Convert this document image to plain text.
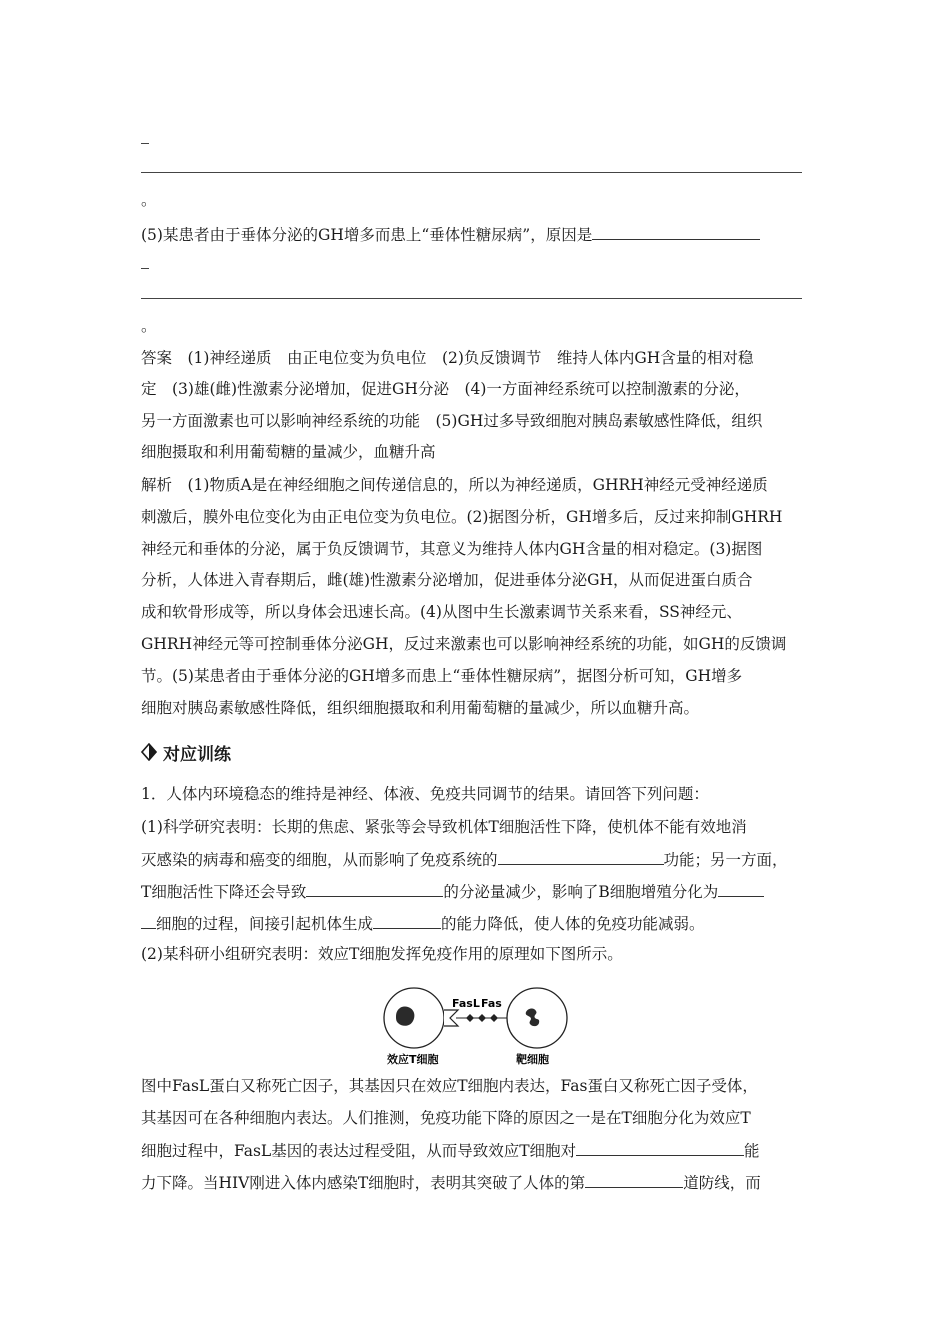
。
(5)某患者由于垂体分泌的GH增多而患上“垂体性糖尿病”，原因是
。
答案　(1)神经递质　由正电位变为负电位　(2)负反馈调节　维持人体内GH含量的相对稳
定　(3)雄(雌)性激素分泌增加，促进GH分泌　(4)一方面神经系统可以控制激素的分泌，
另一方面激素也可以影响神经系统的功能　(5)GH过多导致细胞对胰岛素敏感性降低，组织
细胞摄取和利用葡萄糖的量减少，血糖升高
解析　(1)物质A是在神经细胞之间传递信息的，所以为神经递质，GHRH神经元受神经递质
刺激后，膜外电位变化为由正电位变为负电位。(2)据图分析，GH增多后，反过来抑制GHRH
神经元和垂体的分泌，属于负反馈调节，其意义为维持人体内GH含量的相对稳定。(3)据图
分析，人体进入青春期后，雌(雄)性激素分泌增加，促进垂体分泌GH，从而促进蛋白质合
成和软骨形成等，所以身体会迅速长高。(4)从图中生长激素调节关系来看，SS神经元、
GHRH神经元等可控制垂体分泌GH，反过来激素也可以影响神经系统的功能，如GH的反馈调
节。(5)某患者由于垂体分泌的GH增多而患上“垂体性糖尿病”，据图分析可知，GH增多
细胞对胰岛素敏感性降低，组织细胞摄取和利用葡萄糖的量减少，所以血糖升高。
对应训练
1．人体内环境稳态的维持是神经、体液、免疫共同调节的结果。请回答下列问题：
(1)科学研究表明：长期的焦虑、紧张等会导致机体T细胞活性下降，使机体不能有效地消
灭感染的病毒和癌变的细胞，从而影响了免疫系统的	功能；另一方面，
T细胞活性下降还会导致	的分泌量减少，影响了B细胞增殖分化为
细胞的过程，间接引起机体生成	的能力降低，使人体的免疫功能减弱。
(2)某科研小组研究表明：效应T细胞发挥免疫作用的原理如下图所示。
FasL Fas
效应T细胞	靶细胞
图中FasL蛋白又称死亡因子，其基因只在效应T细胞内表达，Fas蛋白又称死亡因子受体，
其基因可在各种细胞内表达。人们推测，免疫功能下降的原因之一是在T细胞分化为效应T
细胞过程中，FasL基因的表达过程受阻，从而导致效应T细胞对	能
力下降。当HIV刚进入体内感染T细胞时，表明其突破了人体的第	道防线，而
